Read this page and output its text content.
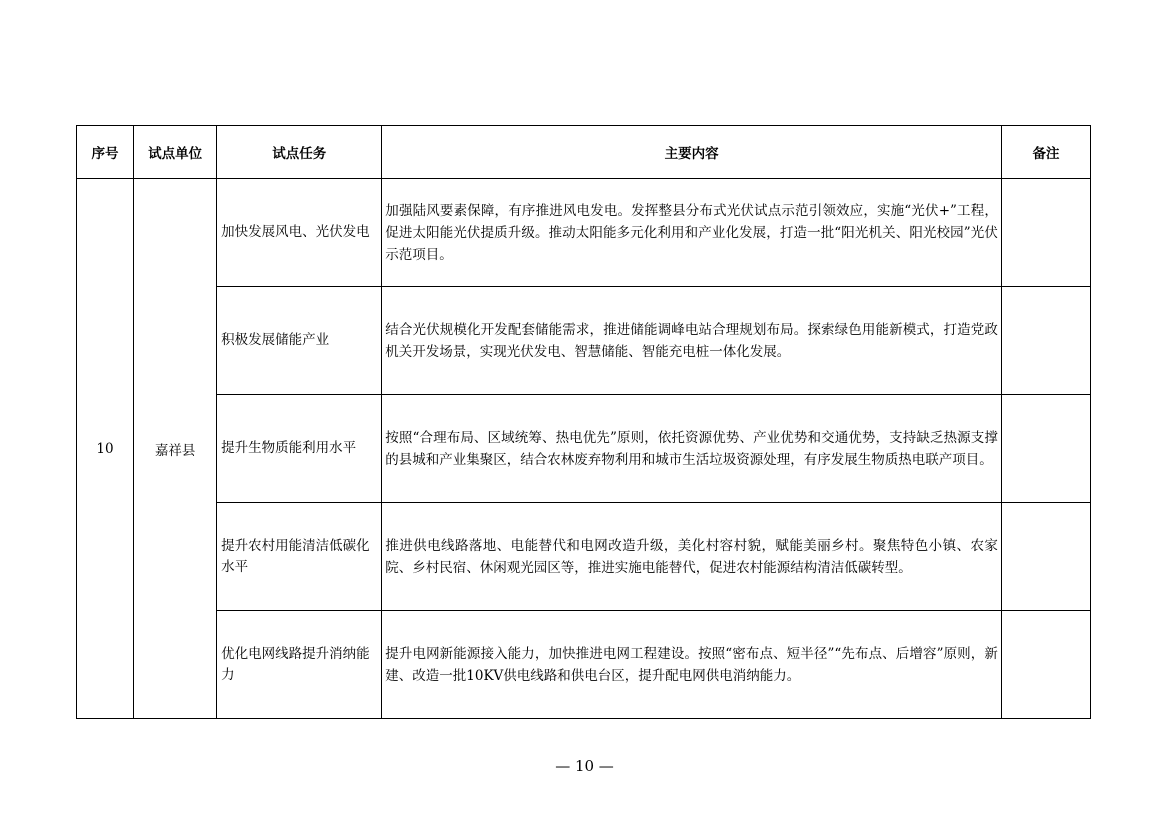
序号	试点单位	试点任务	主要内容	备注
10	嘉祥县	加快发展风电、光伏发电	加强陆风要素保障，有序推进风电发电。发挥整县分布式光伏试点示范引领效应，实施“光伏+”工程，促进太阳能光伏提质升级。推动太阳能多元化利用和产业化发展，打造一批“阳光机关、阳光校园”光伏示范项目。	
		积极发展储能产业	结合光伏规模化开发配套储能需求，推进储能调峰电站合理规划布局。探索绿色用能新模式，打造党政机关开发场景，实现光伏发电、智慧储能、智能充电桩一体化发展。	
		提升生物质能利用水平	按照“合理布局、区域统筹、热电优先”原则，依托资源优势、产业优势和交通优势，支持缺乏热源支撑的县城和产业集聚区，结合农林废弃物利用和城市生活垃圾资源处理，有序发展生物质热电联产项目。	
		提升农村用能清洁低碳化水平	推进供电线路落地、电能替代和电网改造升级，美化村容村貌，赋能美丽乡村。聚焦特色小镇、农家院、乡村民宿、休闲观光园区等，推进实施电能替代，促进农村能源结构清洁低碳转型。	
		优化电网线路提升消纳能力	提升电网新能源接入能力，加快推进电网工程建设。按照“密布点、短半径”“先布点、后增容”原则，新建、改造一批10KV供电线路和供电台区，提升配电网供电消纳能力。	
— 10 —
